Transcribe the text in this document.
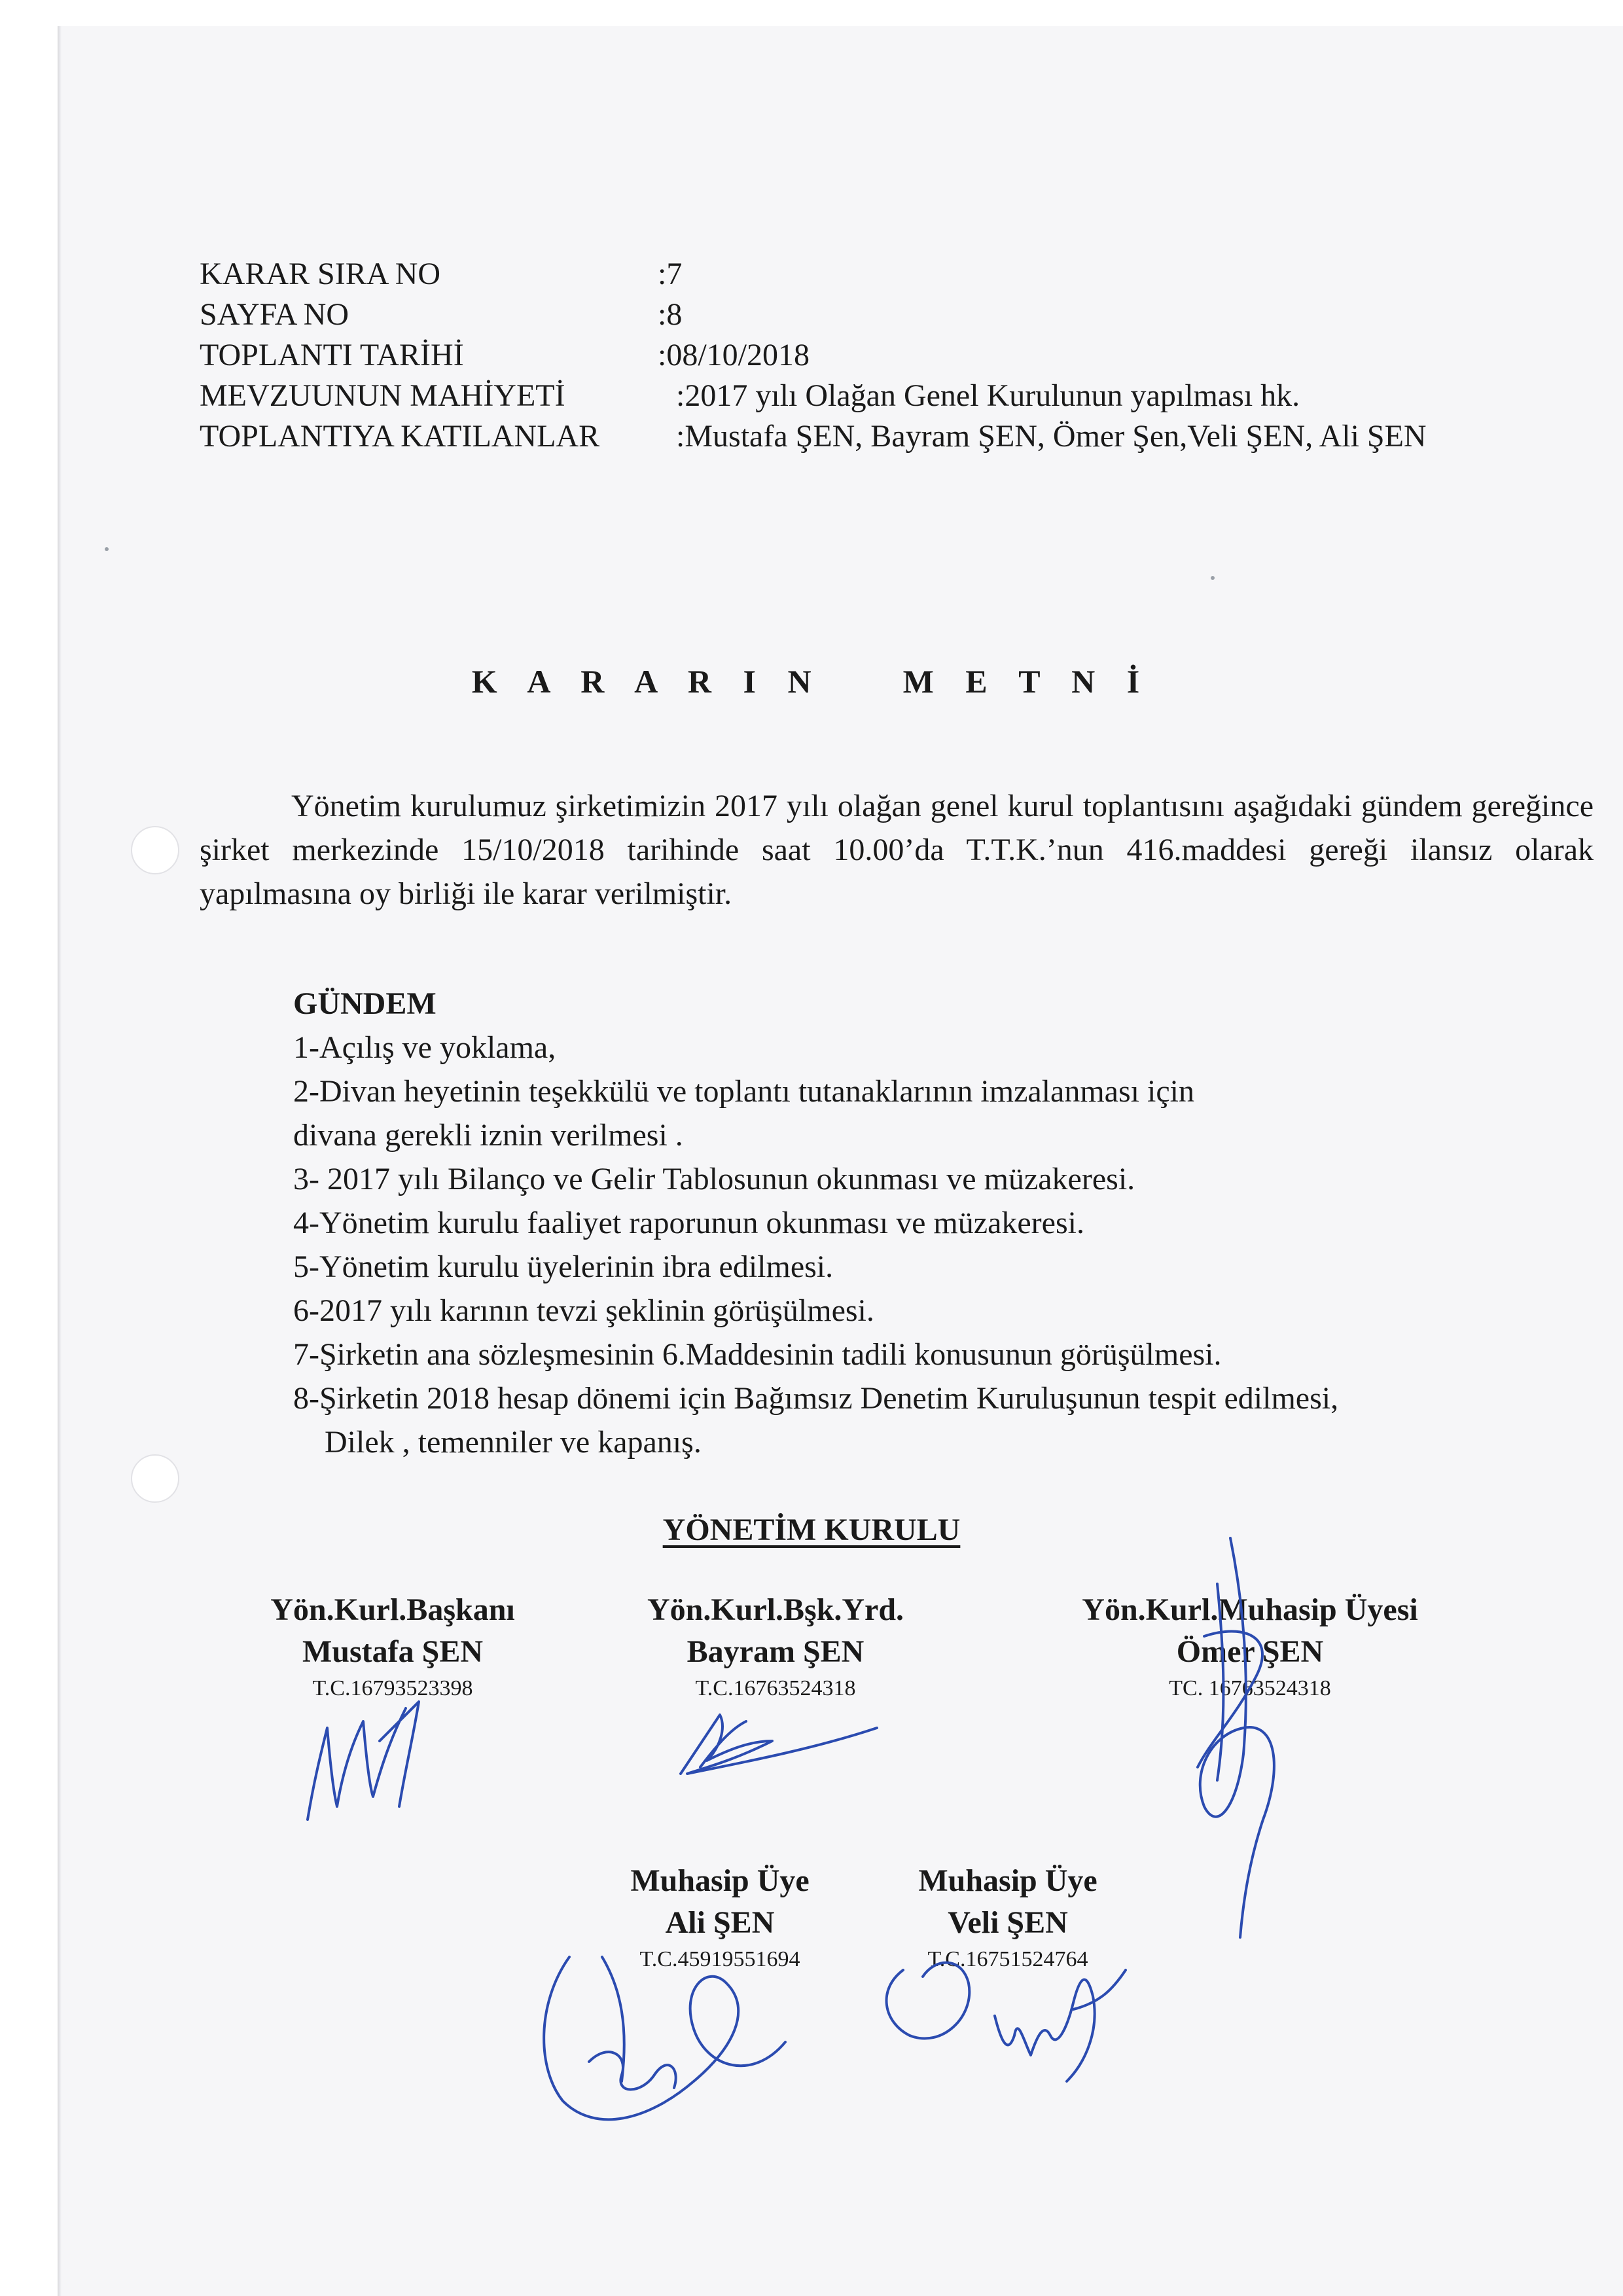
KARAR SIRA NO	:7
SAYFA NO	:8
TOPLANTI TARİHİ	:08/10/2018
MEVZUUNUN MAHİYETİ	:2017 yılı Olağan Genel Kurulunun yapılması hk.
TOPLANTIYA KATILANLAR :Mustafa ŞEN, Bayram ŞEN, Ömer Şen,Veli ŞEN, Ali ŞEN
K A R A R I N    M E T N İ
Yönetim kurulumuz şirketimizin 2017 yılı olağan genel kurul toplantısını aşağıdaki gündem gereğince şirket merkezinde 15/10/2018 tarihinde saat 10.00’da T.T.K.’nun 416.maddesi gereği ilansız olarak yapılmasına oy birliği ile karar verilmiştir.
GÜNDEM
1-Açılış ve yoklama,
2-Divan heyetinin teşekkülü ve toplantı tutanaklarının imzalanması için
divana gerekli iznin verilmesi .
3- 2017 yılı Bilanço ve Gelir Tablosunun okunması ve müzakeresi.
4-Yönetim kurulu faaliyet raporunun okunması ve müzakeresi.
5-Yönetim kurulu üyelerinin ibra edilmesi.
6-2017 yılı karının tevzi şeklinin görüşülmesi.
7-Şirketin ana sözleşmesinin 6.Maddesinin tadili konusunun görüşülmesi.
8-Şirketin 2018 hesap dönemi için Bağımsız Denetim Kuruluşunun tespit edilmesi,
Dilek , temenniler ve kapanış.
YÖNETİM KURULU
Yön.Kurl.Başkanı
Mustafa ŞEN
T.C.16793523398
Yön.Kurl.Bşk.Yrd.
Bayram ŞEN
T.C.16763524318
Yön.Kurl.Muhasip Üyesi
Ömer ŞEN
TC. 16763524318
Muhasip Üye
Ali ŞEN
T.C.45919551694
Muhasip Üye
Veli ŞEN
T.C.16751524764
